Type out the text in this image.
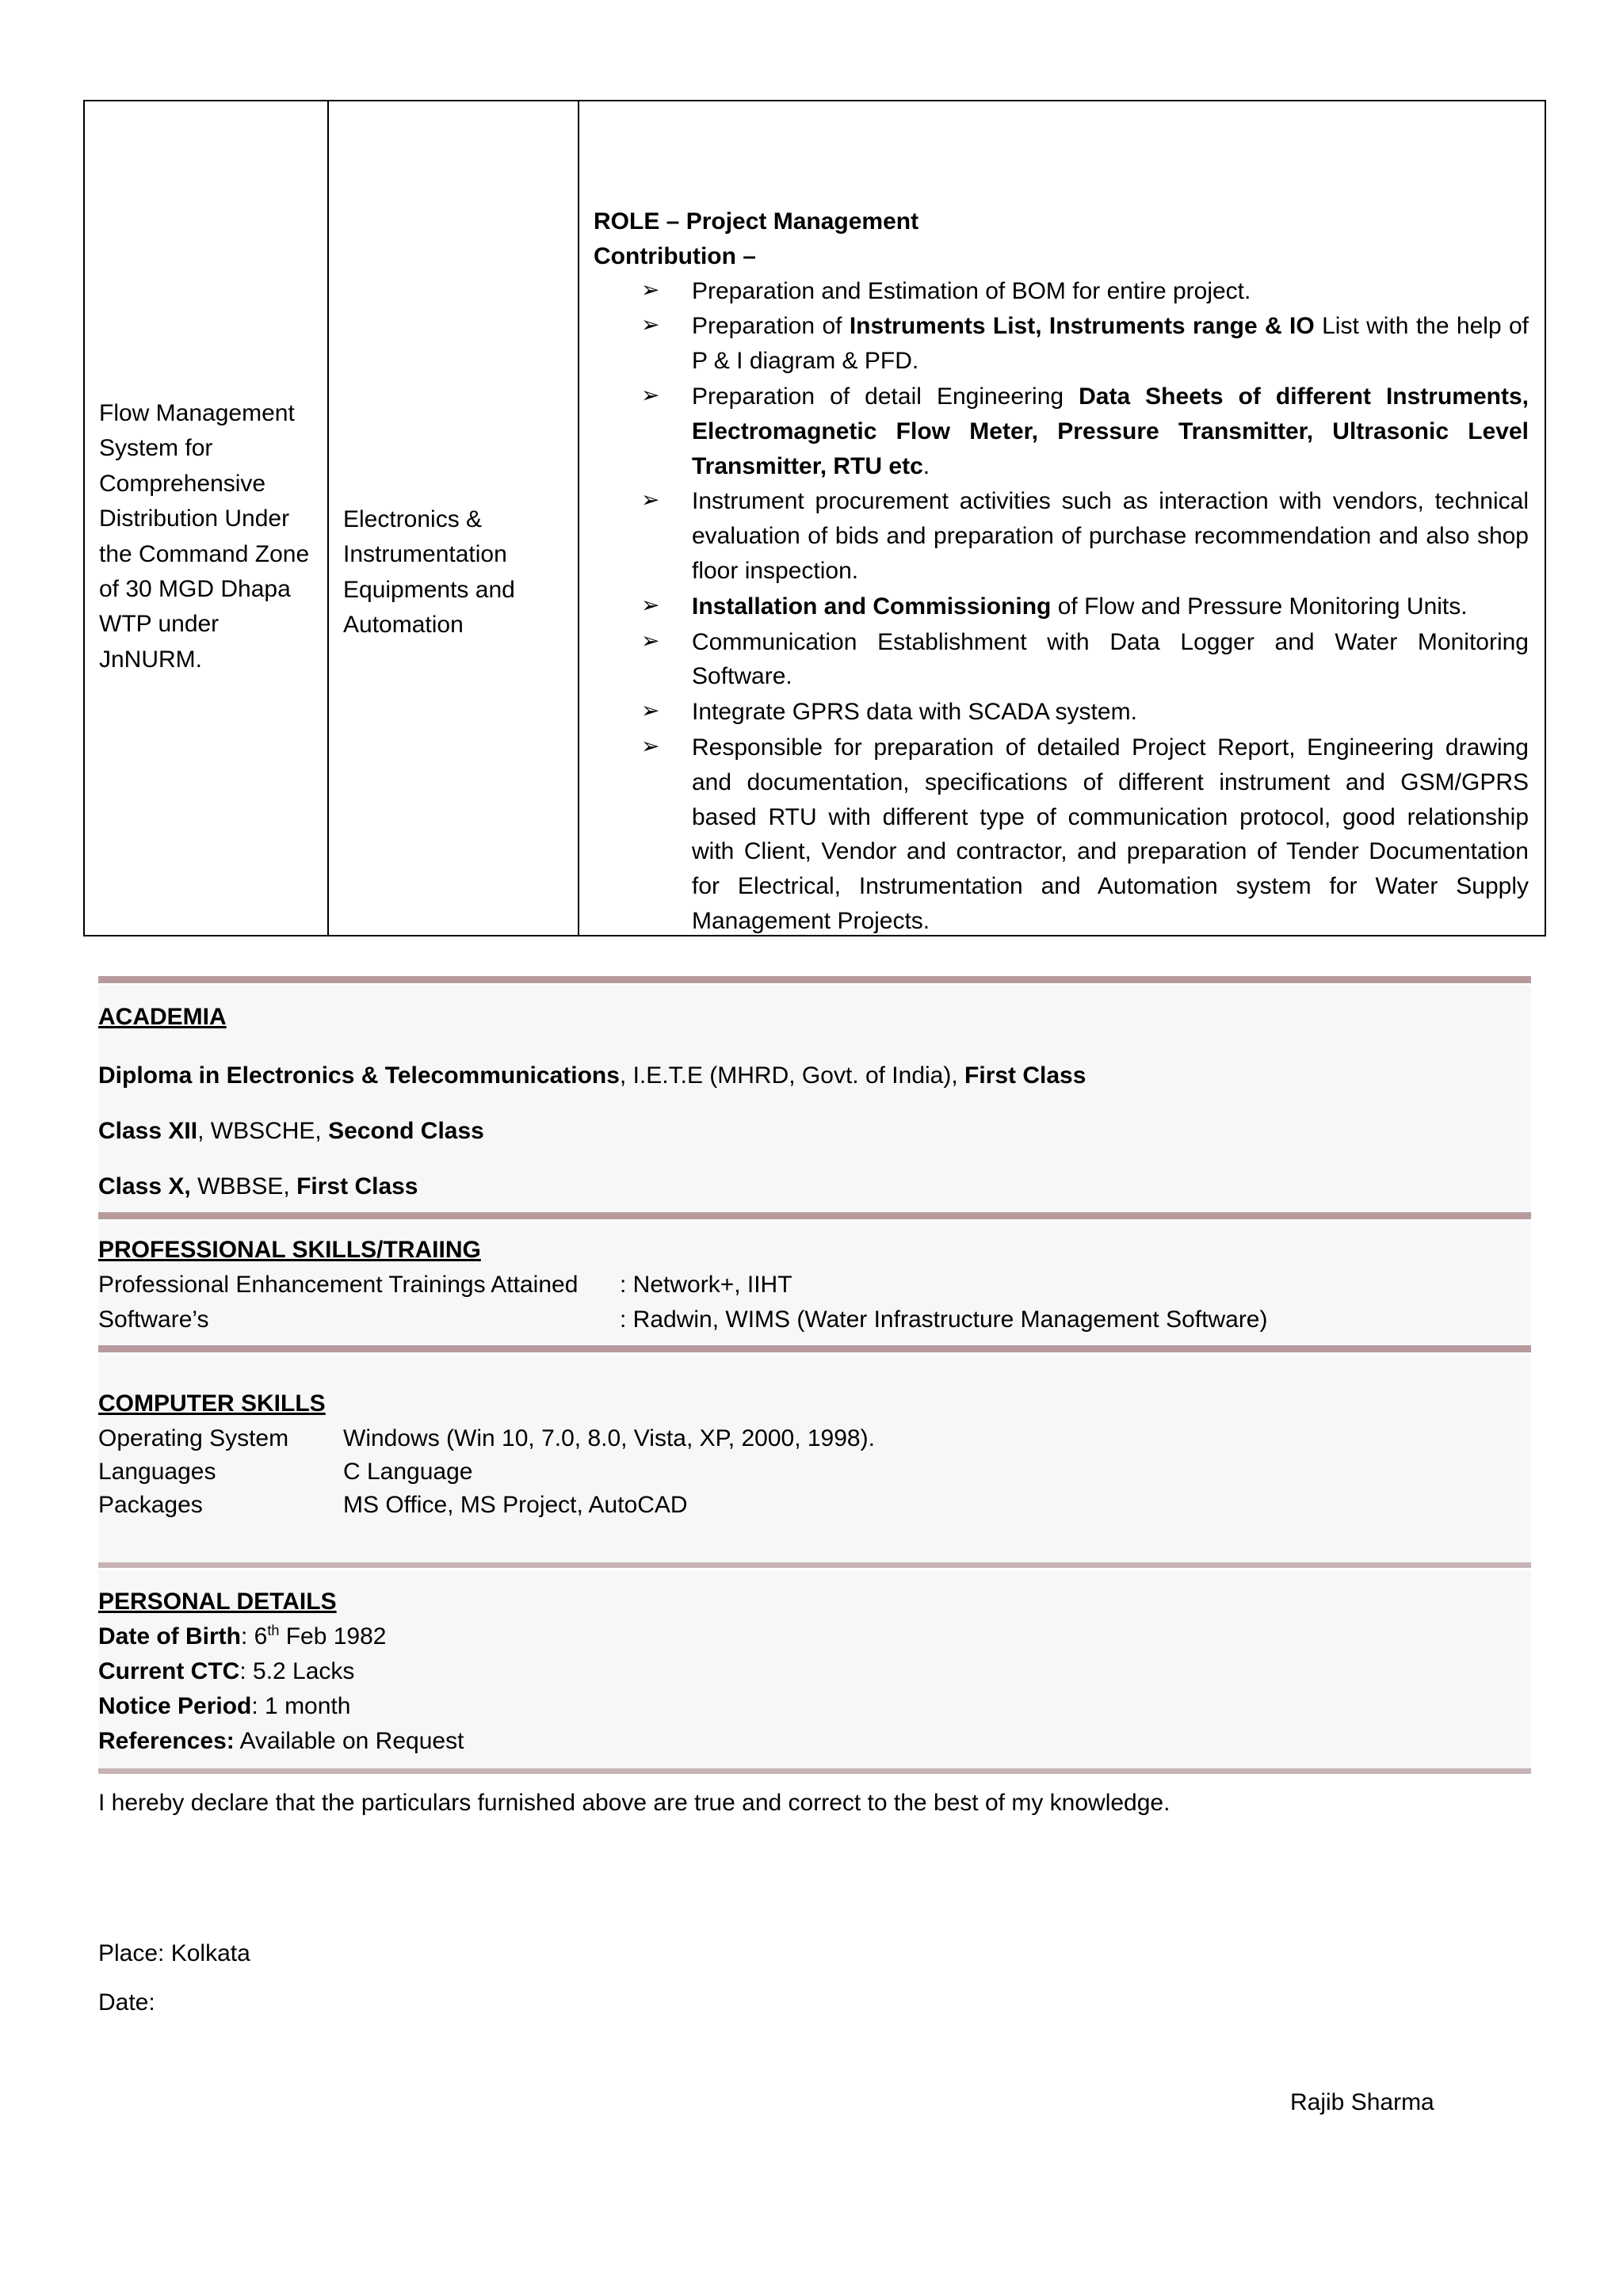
Flow Management System for Comprehensive Distribution Under the Command Zone of 30 MGD Dhapa WTP under JnNURM.

Electronics & Instrumentation Equipments and Automation

ROLE – Project Management
Contribution –
➢ Preparation and Estimation of BOM for entire project.
➢ Preparation of Instruments List, Instruments range & IO List with the help of P & I diagram & PFD.
➢ Preparation of detail Engineering Data Sheets of different Instruments, Electromagnetic Flow Meter, Pressure Transmitter, Ultrasonic Level Transmitter, RTU etc.
➢ Instrument procurement activities such as interaction with vendors, technical evaluation of bids and preparation of purchase recommendation and also shop floor inspection.
➢ Installation and Commissioning of Flow and Pressure Monitoring Units.
➢ Communication Establishment with Data Logger and Water Monitoring Software.
➢ Integrate GPRS data with SCADA system.
➢ Responsible for preparation of detailed Project Report, Engineering drawing and documentation, specifications of different instrument and GSM/GPRS based RTU with different type of communication protocol, good relationship with Client, Vendor and contractor, and preparation of Tender Documentation for Electrical, Instrumentation and Automation system for Water Supply Management Projects.
ACADEMIA
Diploma in Electronics & Telecommunications, I.E.T.E (MHRD, Govt. of India), First Class
Class XII, WBSCHE, Second Class
Class X, WBBSE, First Class
PROFESSIONAL SKILLS/TRAIING
Professional Enhancement Trainings Attained : Network+, IIHT
Software’s	: Radwin, WIMS (Water Infrastructure Management Software)
COMPUTER SKILLS
Operating System Windows (Win 10, 7.0, 8.0, Vista, XP, 2000, 1998).
Languages	C Language
Packages	MS Office, MS Project, AutoCAD
PERSONAL DETAILS
Date of Birth: 6th Feb 1982
Current CTC: 5.2 Lacks
Notice Period: 1 month
References: Available on Request
I hereby declare that the particulars furnished above are true and correct to the best of my knowledge.
Place: Kolkata
Date:
Rajib Sharma
